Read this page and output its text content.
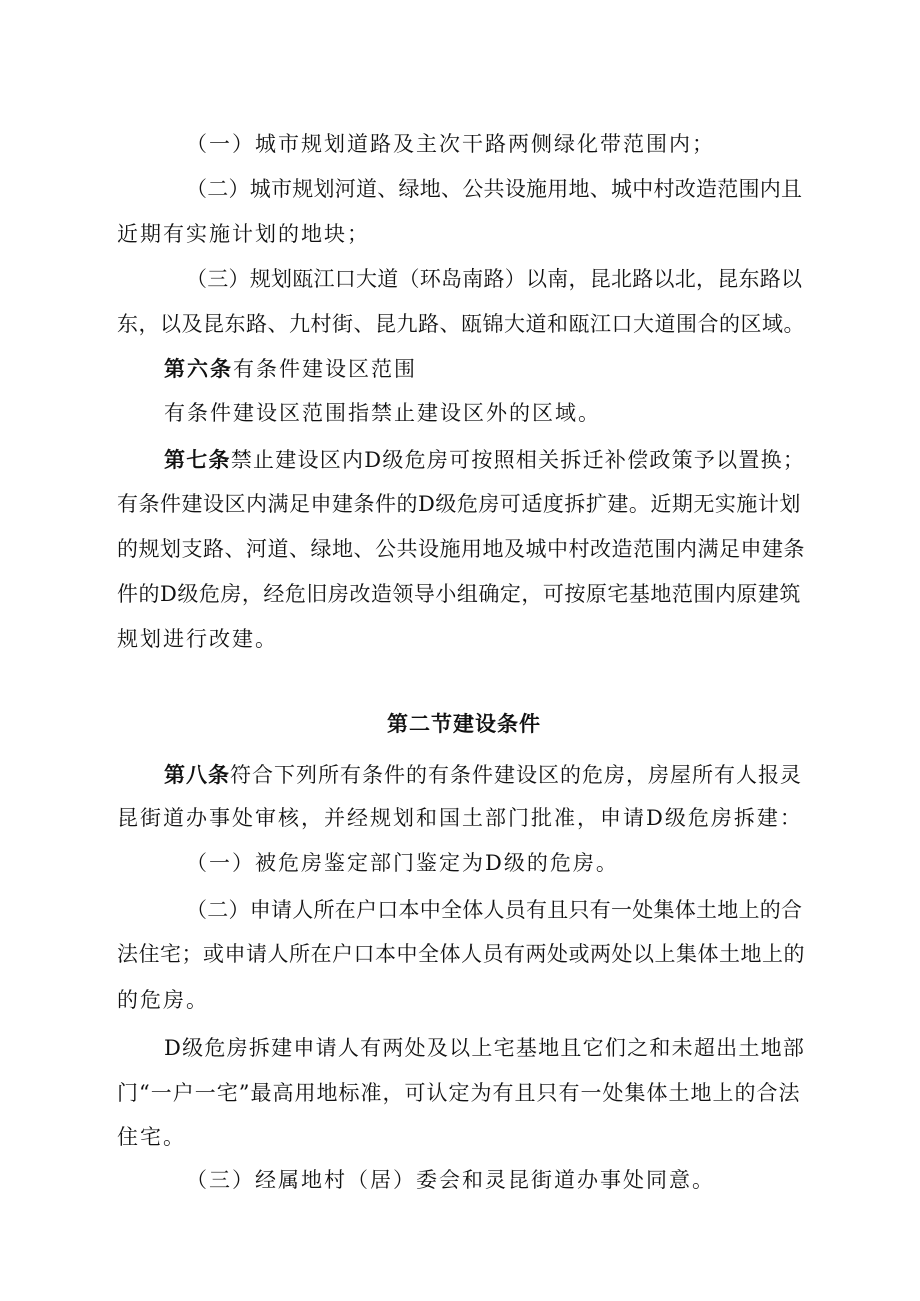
（一）城市规划道路及主次干路两侧绿化带范围内；
（二）城市规划河道、绿地、公共设施用地、城中村改造范围内且
近期有实施计划的地块；
（三）规划瓯江口大道（环岛南路）以南，昆北路以北，昆东路以
东，以及昆东路、九村街、昆九路、瓯锦大道和瓯江口大道围合的区域。
第六条有条件建设区范围
有条件建设区范围指禁止建设区外的区域。
第七条禁止建设区内D级危房可按照相关拆迁补偿政策予以置换；
有条件建设区内满足申建条件的D级危房可适度拆扩建。近期无实施计划
的规划支路、河道、绿地、公共设施用地及城中村改造范围内满足申建条
件的D级危房，经危旧房改造领导小组确定，可按原宅基地范围内原建筑
规划进行改建。
第二节建设条件
第八条符合下列所有条件的有条件建设区的危房，房屋所有人报灵
昆街道办事处审核，并经规划和国土部门批准，申请D级危房拆建：
（一）被危房鉴定部门鉴定为D级的危房。
（二）申请人所在户口本中全体人员有且只有一处集体土地上的合
法住宅；或申请人所在户口本中全体人员有两处或两处以上集体土地上的
的危房。
D级危房拆建申请人有两处及以上宅基地且它们之和未超出土地部
门“一户一宅”最高用地标准，可认定为有且只有一处集体土地上的合法
住宅。
（三）经属地村（居）委会和灵昆街道办事处同意。
